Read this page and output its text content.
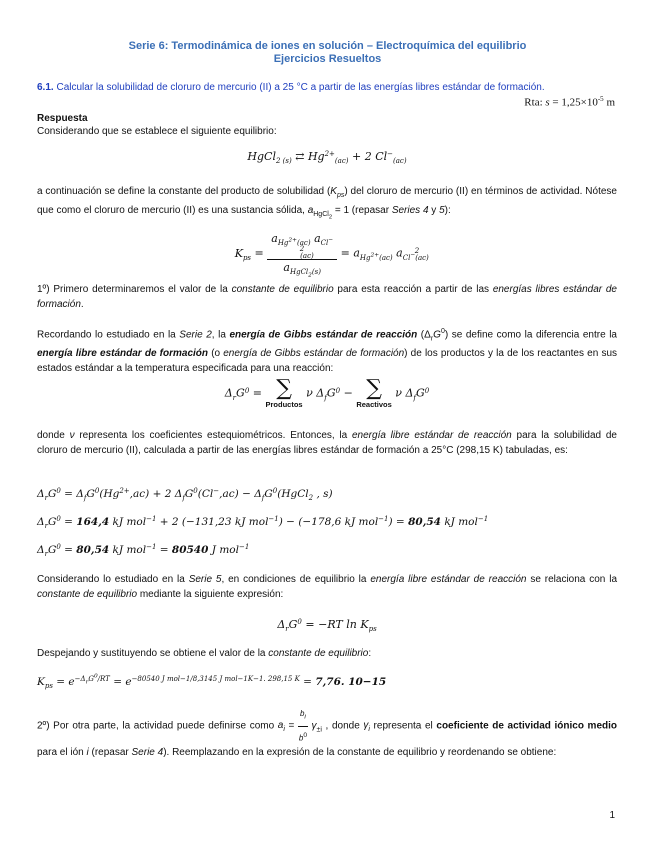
Serie 6: Termodinámica de iones en solución – Electroquímica del equilibrio
Ejercicios Resueltos
6.1. Calcular la solubilidad de cloruro de mercurio (II) a 25 °C a partir de las energías libres estándar de formación.
Rta: $s = 1,25\times 10^{-5}$ m
Respuesta
Considerando que se establece el siguiente equilibrio:
HgCl$_{2 (s)}$ ⇄ $Hg^{2+}_{(ac)} + 2$ $Cl^-_{(ac)}$
a continuación se define la constante del producto de solubilidad $(K_{ps})$ del cloruro de mercurio (II) en términos de actividad. Nótese que como el cloruro de mercurio (II) es una sustancia sólida, $a_{HgCl_2} = 1$ (repasar Series 4 y 5):
$K_{ps} = \frac{a_{Hg^{2+}(ac)} a_{Cl^-(ac)}^2}{a_{HgCl_2(s)}} = a_{Hg^{2+}(ac)}$ $a_{Cl^-(ac)}^2$
1º) Primero determinaremos el valor de la constante de equilibrio para esta reacción a partir de las energías libres estándar de formación.
Recordando lo estudiado en la Serie 2, la energía de Gibbs estándar de reacción $(\Delta_rG^0)$ se define como la diferencia entre la energía libre estándar de formación (o energía de Gibbs estándar de formación) de los productos y la de los reactantes en sus estados estándar a la temperatura especificada para una reacción:
$\Delta_rG^0$ = ∑
Productos
ν $\Delta_fG^0$ − ∑
Reactivos
ν $\Delta_fG^0$
donde ν representa los coeficientes estequiométricos. Entonces, la energía libre estándar de reacción para la solubilidad de cloruro de mercurio (II), calculada a partir de las energías libres estándar de formación a 25°C (298,15 K) tabuladas, es:
$\Delta_rG^0 = \Delta_fG^0(Hg^{2+},ac) + 2$ $\Delta_fG^0(Cl^-,ac)$ − $\Delta_fG^0(HgCl_2$ , s)
$\Delta_rG^0 = 164,4$ kJ mol$^{-1}$ + 2 (−131,23 kJ mol$^{-1}$) − (−178,6 kJ mol$^{-1}$) = 80,54 kJ mol$^{-1}$
$\Delta_rG^0 = 80,54$ kJ mol$^{-1}$ = 80540 J mol$^{-1}$
Considerando lo estudiado en la Serie 5, en condiciones de equilibrio la energía libre estándar de reacción se relaciona con la constante de equilibrio mediante la siguiente expresión:
$\Delta_rG^0 = -RT$ $\ln K_{ps}$
Despejando y sustituyendo se obtiene el valor de la constante de equilibrio:
$K_{ps} = e^{-\Delta_rG^0/RT} = e^{-80540 J mol-1/8,3145 J mol-1K-1. 298,15 K} = 7,76$. 10−15
2º) Por otra parte, la actividad puede definirse como $a_i = \frac{b_i}{b^0} \gamma_{\pm i}$ , donde $\gamma_i$ representa el coeficiente de actividad iónico medio para el ión i (repasar Serie 4). Reemplazando en la expresión de la constante de equilibrio y reordenando se obtiene:
1
